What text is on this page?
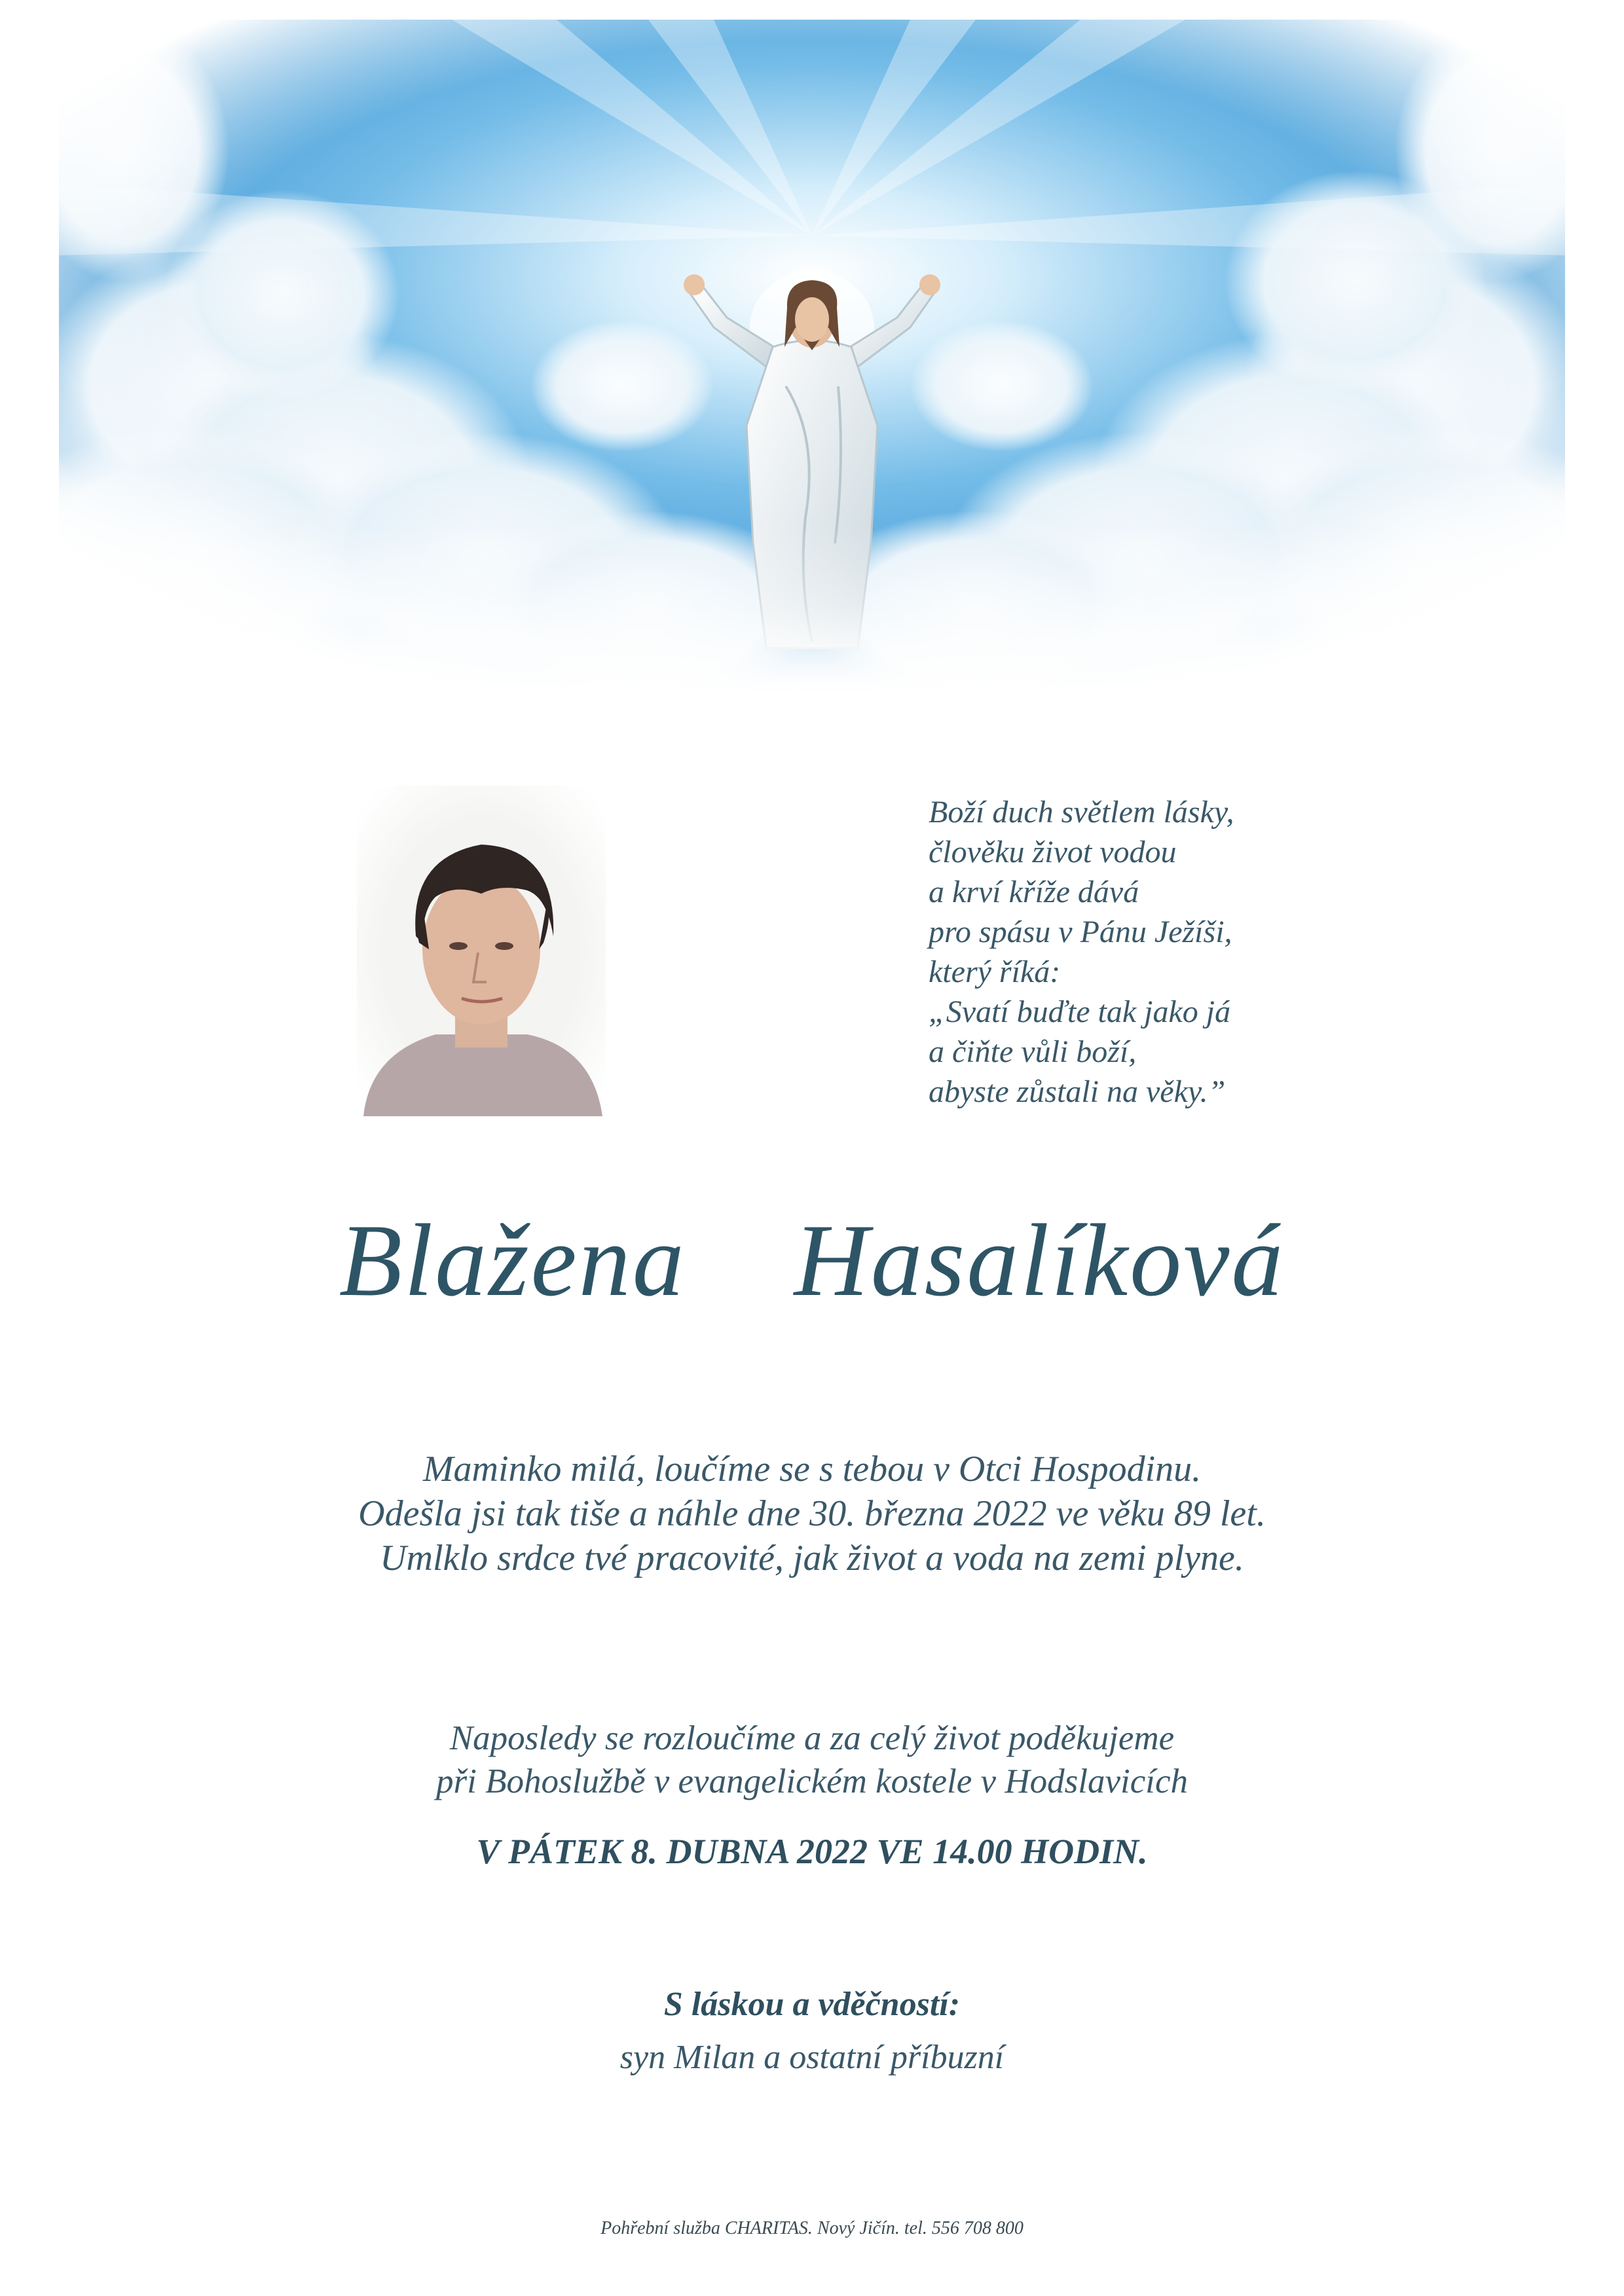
Boží duch světlem lásky,
člověku život vodou
a krví kříže dává
pro spásu v Pánu Ježíši,
který říká:
„Svatí buďte tak jako já
a čiňte vůli boží,
abyste zůstali na věky.”
Blažena  Hasalíková
Maminko milá, loučíme se s tebou v Otci Hospodinu.
Odešla jsi tak tiše a náhle dne 30. března 2022 ve věku 89 let.
Umlklo srdce tvé pracovité, jak život a voda na zemi plyne.
Naposledy se rozloučíme a za celý život poděkujeme
při Bohoslužbě v evangelickém kostele v Hodslavicích
V PÁTEK 8. DUBNA 2022 VE 14.00 HODIN.
S láskou a vděčností:
syn Milan a ostatní příbuzní
Pohřební služba CHARITAS. Nový Jičín. tel. 556 708 800
